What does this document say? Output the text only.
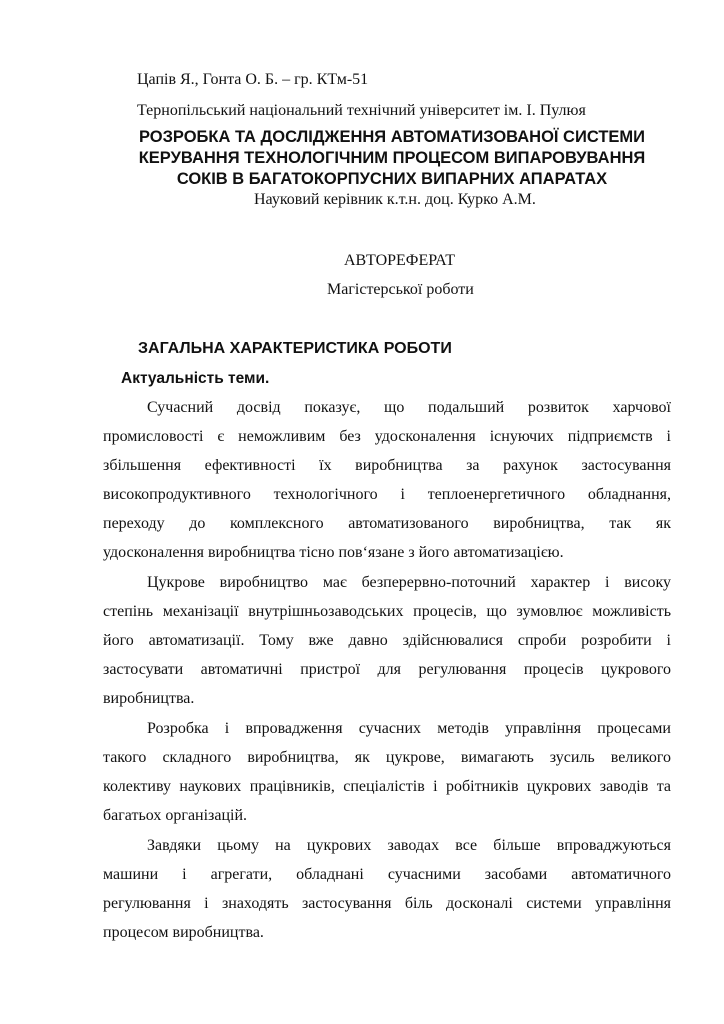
Цапів Я., Гонта О. Б. – гр. КТм-51
Тернопільський національний технічний університет ім. І. Пулюя
РОЗРОБКА ТА ДОСЛІДЖЕННЯ АВТОМАТИЗОВАНОЇ СИСТЕМИ
КЕРУВАННЯ ТЕХНОЛОГІЧНИМ ПРОЦЕСОМ ВИПАРОВУВАННЯ
СОКІВ В БАГАТОКОРПУСНИХ ВИПАРНИХ АПАРАТАХ
Науковий керівник к.т.н. доц. Курко А.М.
АВТОРЕФЕРАТ
Магістерської роботи
ЗАГАЛЬНА ХАРАКТЕРИСТИКА РОБОТИ
Актуальність теми.
Сучасний досвід показує, що подальший розвиток харчової
промисловості є неможливим без удосконалення існуючих підприємств і
збільшення ефективності їх виробництва за рахунок застосування
високопродуктивного технологічного і теплоенергетичного обладнання,
переходу до комплексного автоматизованого виробництва, так як
удосконалення виробництва тісно пов‘язане з його автоматизацією.
Цукрове виробництво має безперервно-поточний характер і високу
степінь механізації внутрішньозаводських процесів, що зумовлює можливість
його автоматизації. Тому вже давно здійснювалися спроби розробити і
застосувати автоматичні пристрої для регулювання процесів цукрового
виробництва.
Розробка і впровадження сучасних методів управління процесами
такого складного виробництва, як цукрове, вимагають зусиль великого
колективу наукових працівників, спеціалістів і робітників цукрових заводів та
багатьох організацій.
Завдяки цьому на цукрових заводах все більше впроваджуються
машини і агрегати, обладнані сучасними засобами автоматичного
регулювання і знаходять застосування біль досконалі системи управління
процесом виробництва.
